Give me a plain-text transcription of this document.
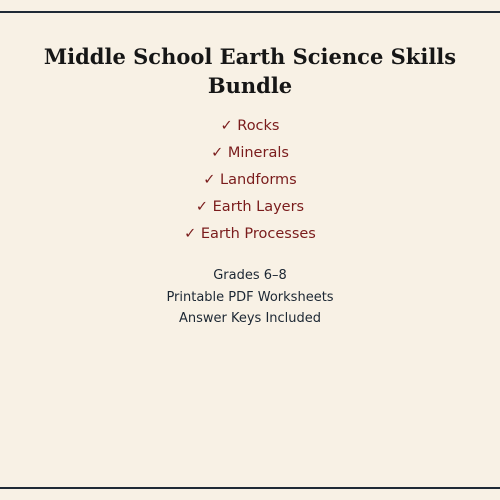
Middle School Earth Science Skills Bundle
✓ Rocks
✓ Minerals
✓ Landforms
✓ Earth Layers
✓ Earth Processes
Grades 6–8
Printable PDF Worksheets
Answer Keys Included
